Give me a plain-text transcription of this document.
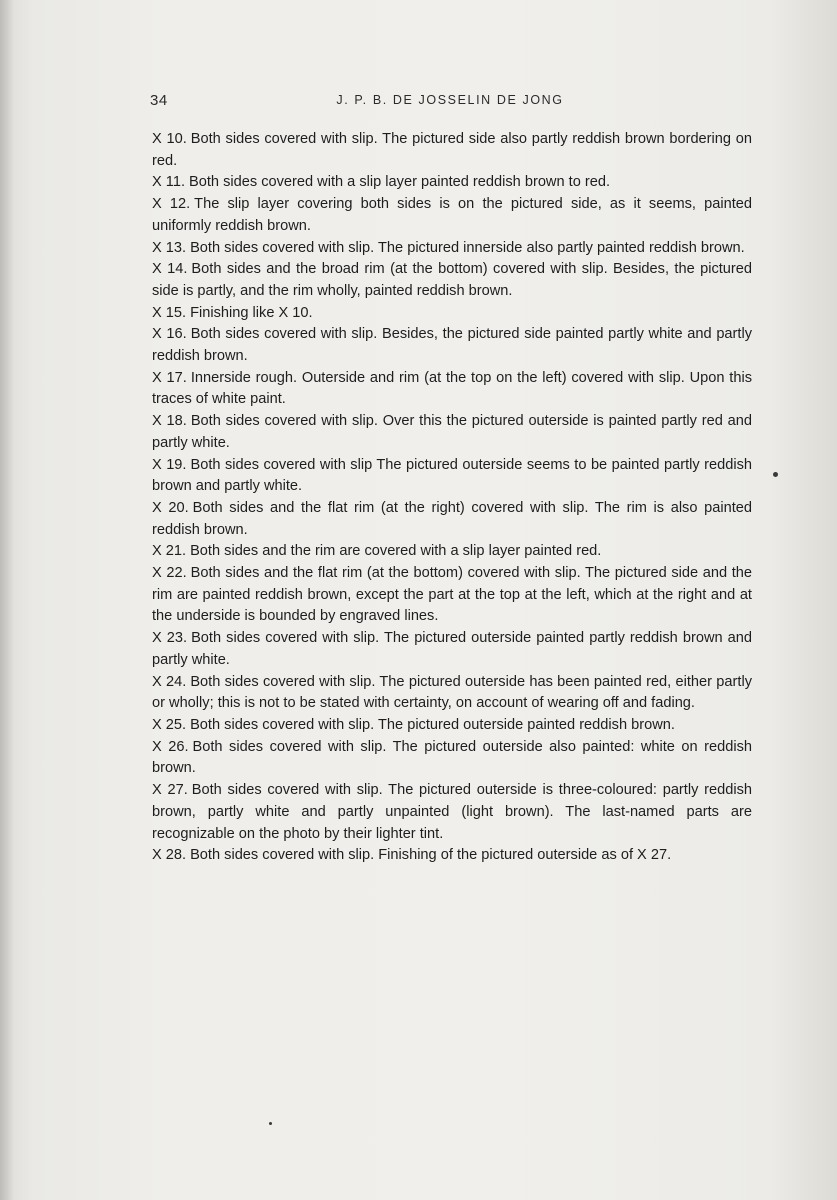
34	J. P. B. DE JOSSELIN DE JONG

X 10. Both sides covered with slip. The pictured side also partly reddish brown bordering on red.

X 11. Both sides covered with a slip layer painted reddish brown to red.

X 12. The slip layer covering both sides is on the pictured side, as it seems, painted uniformly reddish brown.

X 13. Both sides covered with slip. The pictured innerside also partly painted reddish brown.

X 14. Both sides and the broad rim (at the bottom) covered with slip. Besides, the pictured side is partly, and the rim wholly, painted reddish brown.

X 15. Finishing like X 10.

X 16. Both sides covered with slip. Besides, the pictured side painted partly white and partly reddish brown.

X 17. Innerside rough. Outerside and rim (at the top on the left) covered with slip. Upon this traces of white paint.

X 18. Both sides covered with slip. Over this the pictured outerside is painted partly red and partly white.

X 19. Both sides covered with slip The pictured outerside seems to be painted partly reddish brown and partly white.

X 20. Both sides and the flat rim (at the right) covered with slip. The rim is also painted reddish brown.

X 21. Both sides and the rim are covered with a slip layer painted red.

X 22. Both sides and the flat rim (at the bottom) covered with slip. The pictured side and the rim are painted reddish brown, except the part at the top at the left, which at the right and at the underside is bounded by engraved lines.

X 23. Both sides covered with slip. The pictured outerside painted partly reddish brown and partly white.

X 24. Both sides covered with slip. The pictured outerside has been painted red, either partly or wholly; this is not to be stated with certainty, on account of wearing off and fading.

X 25. Both sides covered with slip. The pictured outerside painted reddish brown.

X 26. Both sides covered with slip. The pictured outerside also painted: white on reddish brown.

X 27. Both sides covered with slip. The pictured outerside is three-coloured: partly reddish brown, partly white and partly unpainted (light brown). The last-named parts are recognizable on the photo by their lighter tint.

X 28. Both sides covered with slip. Finishing of the pictured outerside as of X 27.
